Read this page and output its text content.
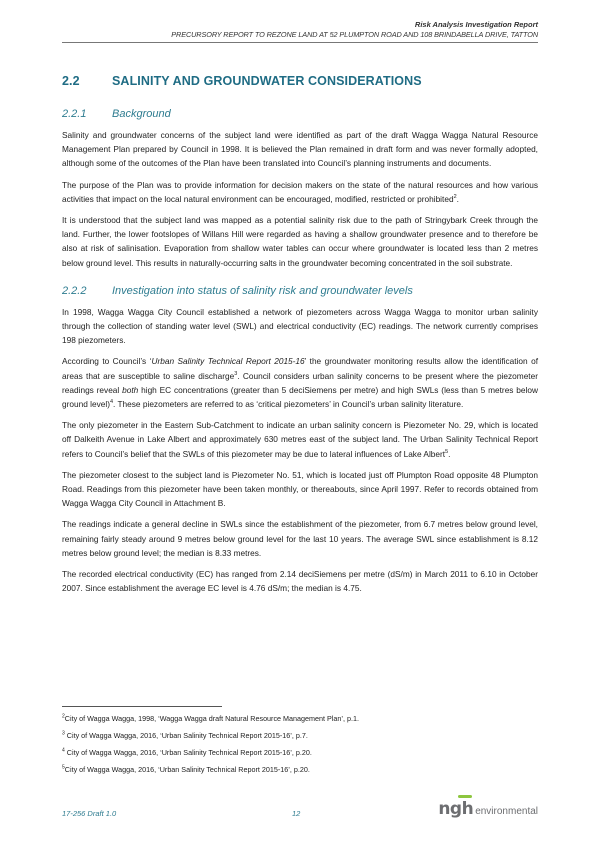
Risk Analysis Investigation Report
PRECURSORY REPORT TO REZONE LAND AT 52 PLUMPTON ROAD AND 108 BRINDABELLA DRIVE, TATTON
2.2	SALINITY AND GROUNDWATER CONSIDERATIONS
2.2.1	Background

Salinity and groundwater concerns of the subject land were identified as part of the draft Wagga Wagga Natural Resource Management Plan prepared by Council in 1998. It is believed the Plan remained in draft form and was never formally adopted, although some of the outcomes of the Plan have been translated into Council’s planning instruments and documents.

The purpose of the Plan was to provide information for decision makers on the state of the natural resources and how various activities that impact on the local natural environment can be encouraged, modified, restricted or prohibited$^2$.

It is understood that the subject land was mapped as a potential salinity risk due to the path of Stringybark Creek through the land. Further, the lower footslopes of Willans Hill were regarded as having a shallow groundwater presence and to therefore be also at risk of salinisation. Evaporation from shallow water tables can occur where groundwater is located less than 2 metres below ground level. This results in naturally-occurring salts in the groundwater becoming concentrated in the soil substrate.

2.2.2	Investigation into status of salinity risk and groundwater levels

In 1998, Wagga Wagga City Council established a network of piezometers across Wagga Wagga to monitor urban salinity through the collection of standing water level (SWL) and electrical conductivity (EC) readings. The network currently comprises 198 piezometers.

According to Council’s ‘Urban Salinity Technical Report 2015-16’ the groundwater monitoring results allow the identification of areas that are susceptible to saline discharge$^3$. Council considers urban salinity concerns to be present where the piezometer readings reveal both high EC concentrations (greater than 5 deciSiemens per metre) and high SWLs (less than 5 metres below ground level)$^4$. These piezometers are referred to as ‘critical piezometers’ in Council’s urban salinity literature.

The only piezometer in the Eastern Sub-Catchment to indicate an urban salinity concern is Piezometer No. 29, which is located off Dalkeith Avenue in Lake Albert and approximately 630 metres east of the subject land. The Urban Salinity Technical Report refers to Council’s belief that the SWLs of this piezometer may be due to lateral influences of Lake Albert$^5$.

The piezometer closest to the subject land is Piezometer No. 51, which is located just off Plumpton Road opposite 48 Plumpton Road. Readings from this piezometer have been taken monthly, or thereabouts, since April 1997. Refer to records obtained from Wagga Wagga City Council in Attachment B.

The readings indicate a general decline in SWLs since the establishment of the piezometer, from 6.7 metres below ground level, remaining fairly steady around 9 metres below ground level for the last 10 years. The average SWL since establishment is 8.12 metres below ground level; the median is 8.33 metres.

The recorded electrical conductivity (EC) has ranged from 2.14 deciSiemens per metre (dS/m) in March 2011 to 6.10 in October 2007. Since establishment the average EC level is 4.76 dS/m; the median is 4.75.

$^2$City of Wagga Wagga, 1998, ‘Wagga Wagga draft Natural Resource Management Plan’, p.1.
$^3$ City of Wagga Wagga, 2016, ‘Urban Salinity Technical Report 2015-16’, p.7.
$^4$ City of Wagga Wagga, 2016, ‘Urban Salinity Technical Report 2015-16’, p.20.
$^5$City of Wagga Wagga, 2016, ‘Urban Salinity Technical Report 2015-16’, p.20.
17-256 Draft 1.0	12	ngh environmental
